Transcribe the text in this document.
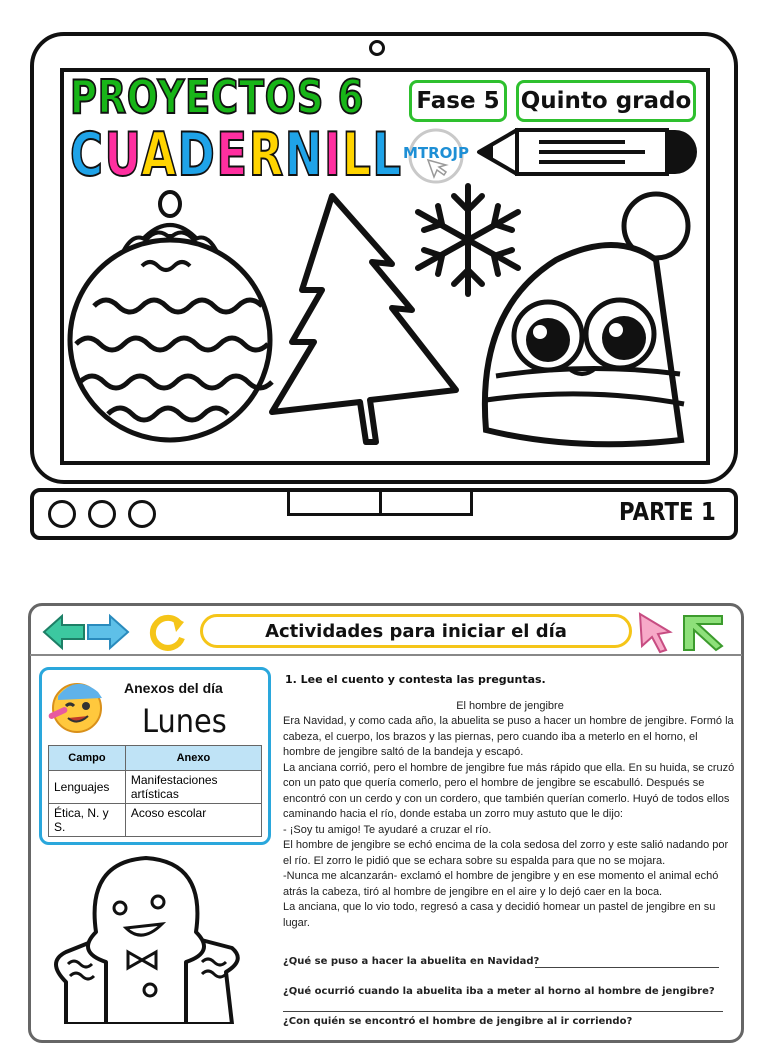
PROYECTOS 6
CUADERNILL
Fase 5 Quinto grado
MTROJP
PARTE 1
Actividades para iniciar el día
Anexos del día
Lunes
Campo	Anexo
Lenguajes	Manifestaciones artísticas
Ética, N. y S.	Acoso escolar
1. Lee el cuento y contesta las preguntas.
El hombre de jengibre

Era Navidad, y como cada año, la abuelita se puso a hacer un hombre de jengibre. Formó la cabeza, el cuerpo, los brazos y las piernas, pero cuando iba a meterlo en el horno, el hombre de jengibre saltó de la bandeja y escapó.

La anciana corrió, pero el hombre de jengibre fue más rápido que ella. En su huida, se cruzó con un pato que quería comerlo, pero el hombre de jengibre se escabulló. Después se encontró con un cerdo y con un cordero, que también querían comerlo. Huyó de todos ellos caminando hacia el río, donde estaba un zorro muy astuto que le dijo:

- ¡Soy tu amigo! Te ayudaré a cruzar el río.

El hombre de jengibre se echó encima de la cola sedosa del zorro y este salió nadando por el río. El zorro le pidió que se echara sobre su espalda para que no se mojara.

-Nunca me alcanzarán- exclamó el hombre de jengibre y en ese momento el animal echó atrás la cabeza, tiró al hombre de jengibre en el aire y lo dejó caer en la boca.

La anciana, que lo vio todo, regresó a casa y decidió homear un pastel de jengibre en su lugar.

¿Qué se puso a hacer la abuelita en Navidad?
¿Qué ocurrió cuando la abuelita iba a meter al horno al hombre de jengibre?
¿Con quién se encontró el hombre de jengibre al ir corriendo?
